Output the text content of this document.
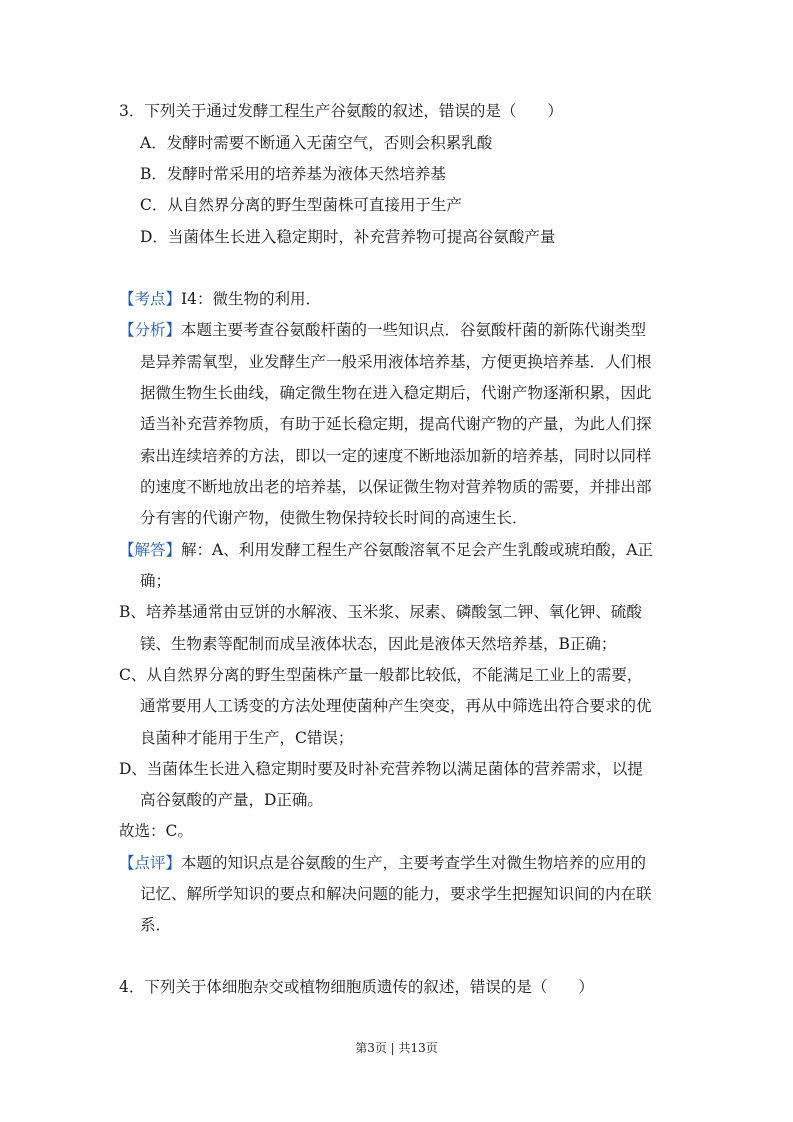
3．下列关于通过发酵工程生产谷氨酸的叙述，错误的是（　　）

A．发酵时需要不断通入无菌空气，否则会积累乳酸

B．发酵时常采用的培养基为液体天然培养基

C．从自然界分离的野生型菌株可直接用于生产

D．当菌体生长进入稳定期时，补充营养物可提高谷氨酸产量

【考点】I4：微生物的利用．

【分析】本题主要考查谷氨酸杆菌的一些知识点．谷氨酸杆菌的新陈代谢类型

是异养需氧型，业发酵生产一般采用液体培养基，方便更换培养基．人们根

据微生物生长曲线，确定微生物在进入稳定期后，代谢产物逐渐积累，因此

适当补充营养物质，有助于延长稳定期，提高代谢产物的产量，为此人们探

索出连续培养的方法，即以一定的速度不断地添加新的培养基，同时以同样

的速度不断地放出老的培养基，以保证微生物对营养物质的需要，并排出部

分有害的代谢产物，使微生物保持较长时间的高速生长．

【解答】解：A、利用发酵工程生产谷氨酸溶氧不足会产生乳酸或琥珀酸，A正

确；

B、培养基通常由豆饼的水解液、玉米浆、尿素、磷酸氢二钾、氧化钾、硫酸

镁、生物素等配制而成呈液体状态，因此是液体天然培养基，B正确；

C、从自然界分离的野生型菌株产量一般都比较低，不能满足工业上的需要，

通常要用人工诱变的方法处理使菌种产生突变，再从中筛选出符合要求的优

良菌种才能用于生产，C错误；

D、当菌体生长进入稳定期时要及时补充营养物以满足菌体的营养需求，以提

高谷氨酸的产量，D正确。

故选：C。

【点评】本题的知识点是谷氨酸的生产，主要考查学生对微生物培养的应用的

记忆、解所学知识的要点和解决问题的能力，要求学生把握知识间的内在联

系．

4．下列关于体细胞杂交或植物细胞质遗传的叙述，错误的是（　　）

第3页 | 共13页
